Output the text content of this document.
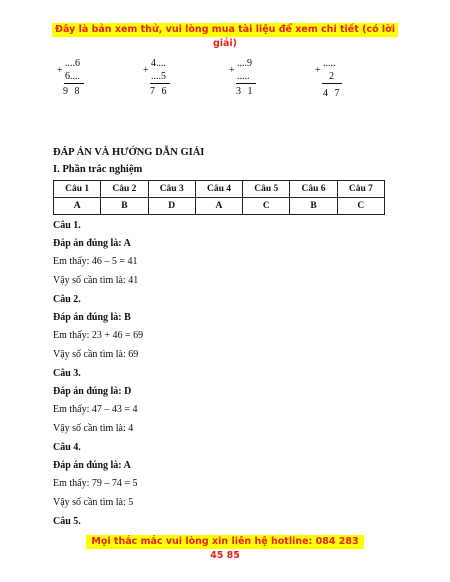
Đây là bản xem thử, vui lòng mua tài liệu để xem chi tiết (có lời giải)
+
....6
6....
9 8
+
4....
....5
7 6
+
....9
.....
3 1
+
.....
2
4 7
ĐÁP ÁN VÀ HƯỚNG DẪN GIẢI
I. Phần trắc nghiệm
Câu 1	Câu 2	Câu 3	Câu 4	Câu 5	Câu 6	Câu 7
A	B	D	A	C	B	C
Câu 1.
Đáp án đúng là: A
Em thấy: 46 – 5 = 41
Vậy số cần tìm là: 41
Câu 2.
Đáp án đúng là: B
Em thấy: 23 + 46 = 69
Vậy số cần tìm là: 69
Câu 3.
Đáp án đúng là: D
Em thấy: 47 – 43 = 4
Vậy số cần tìm là: 4
Câu 4.
Đáp án đúng là: A
Em thấy: 79 – 74 = 5
Vậy số cần tìm là: 5
Câu 5.
Mọi thắc mắc vui lòng xin liên hệ hotline: 084 283 45 85
